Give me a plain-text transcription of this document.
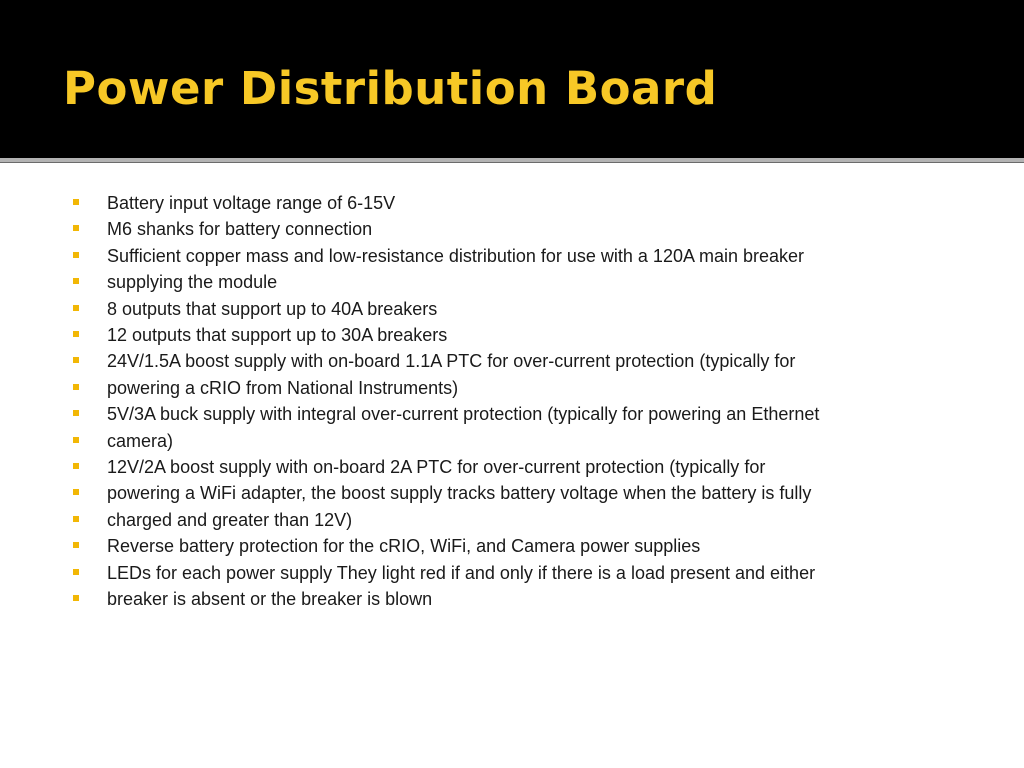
Power Distribution Board
Battery input voltage range of 6-15V
M6 shanks for battery connection
Sufficient copper mass and low-resistance distribution for use with a 120A main breaker
supplying the module
8 outputs that support up to 40A breakers
12 outputs that support up to 30A breakers
24V/1.5A boost supply with on-board 1.1A PTC for over-current protection (typically for
powering a cRIO from National Instruments)
5V/3A buck supply with integral over-current protection (typically for powering an Ethernet
camera)
12V/2A boost supply with on-board 2A PTC for over-current protection (typically for
powering a WiFi adapter, the boost supply tracks battery voltage when the battery is fully
charged and greater than 12V)
Reverse battery protection for the cRIO, WiFi, and Camera power supplies
LEDs for each power supply They light red if and only if there is a load present and either
breaker is absent or the breaker is blown
